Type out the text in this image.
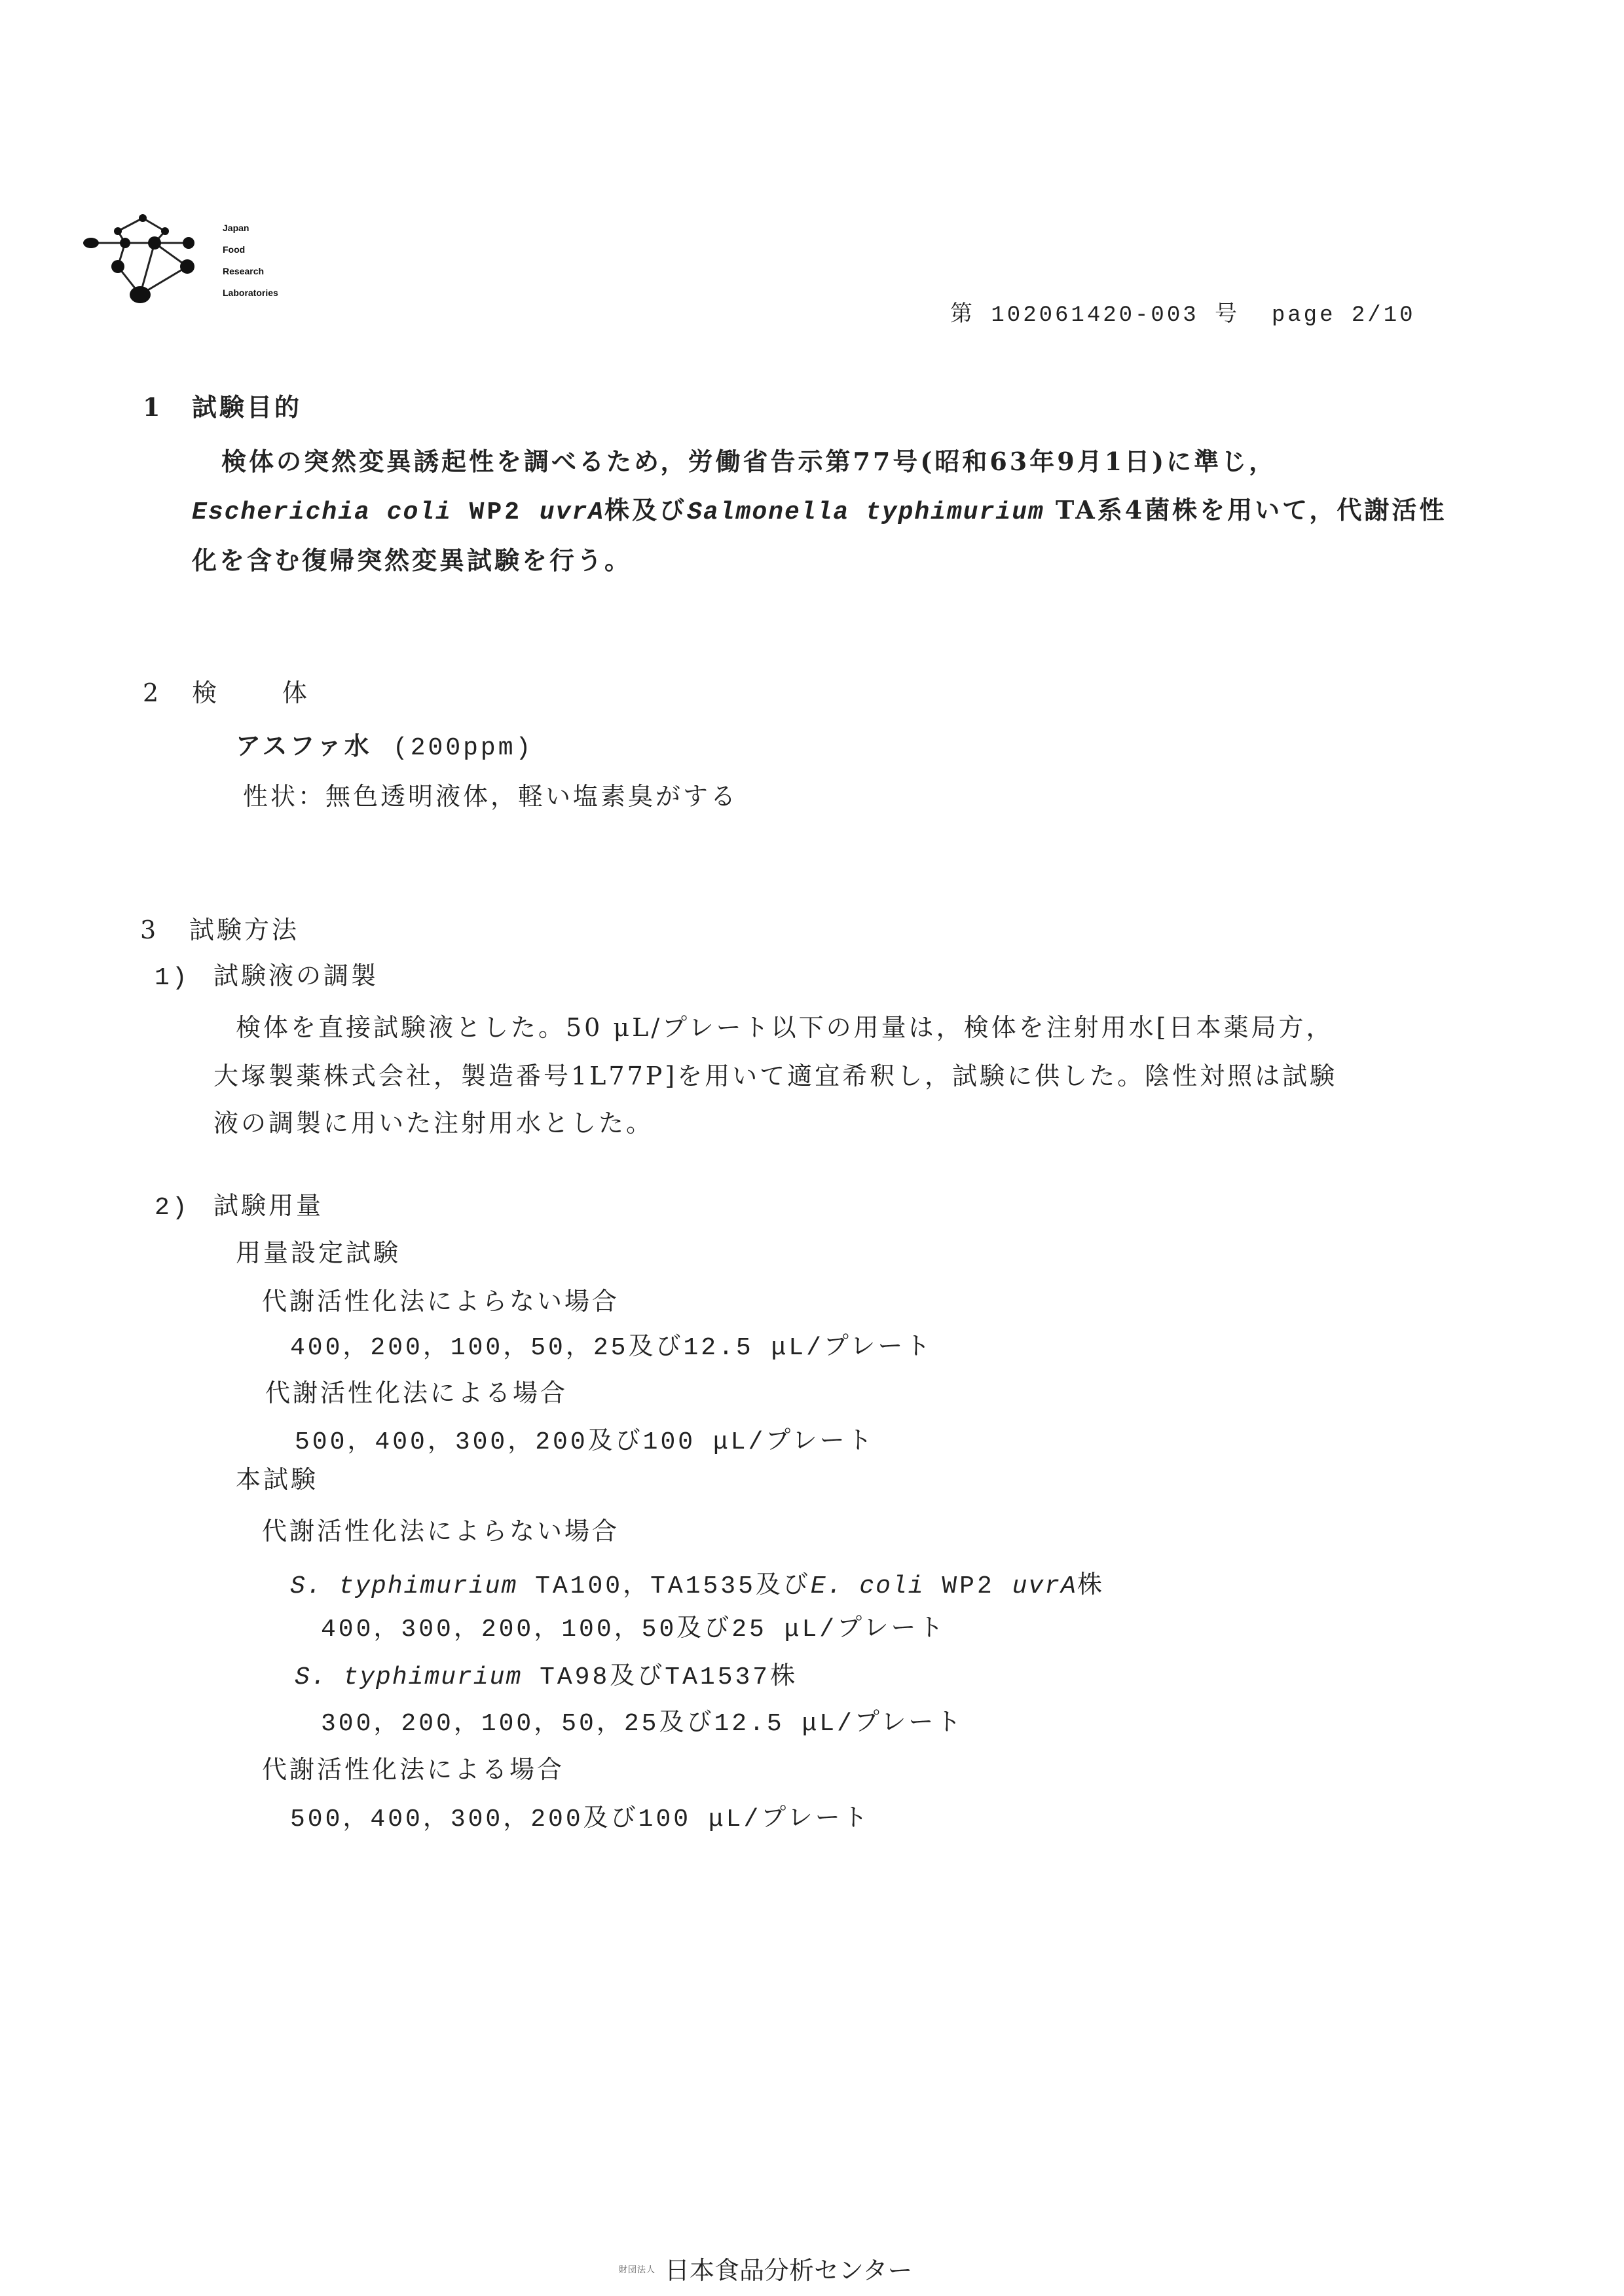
Japan
Food
Research
Laboratories
第 102061420-003 号 page 2/10
1 試験目的
検体の突然変異誘起性を調べるため，労働省告示第77号(昭和63年9月1日)に準じ，
Escherichia coli WP2 uvrA株及びSalmonella typhimurium TA系4菌株を用いて，代謝活性
化を含む復帰突然変異試験を行う。
2 検体
アスファ水 (200ppm)
性状：無色透明液体，軽い塩素臭がする
3 試験方法
1) 試験液の調製
検体を直接試験液とした。50 μL/プレート以下の用量は，検体を注射用水[日本薬局方，
大塚製薬株式会社，製造番号1L77P]を用いて適宜希釈し，試験に供した。陰性対照は試験
液の調製に用いた注射用水とした。
2) 試験用量
用量設定試験
代謝活性化法によらない場合
400，200，100，50，25及び12.5 μL/プレート
代謝活性化法による場合
500，400，300，200及び100 μL/プレート
本試験
代謝活性化法によらない場合
S. typhimurium TA100，TA1535及びE. coli WP2 uvrA株
400，300，200，100，50及び25 μL/プレート
S. typhimurium TA98及びTA1537株
300，200，100，50，25及び12.5 μL/プレート
代謝活性化法による場合
500，400，300，200及び100 μL/プレート
$^{財団法人}$ 日本食品分析センター
